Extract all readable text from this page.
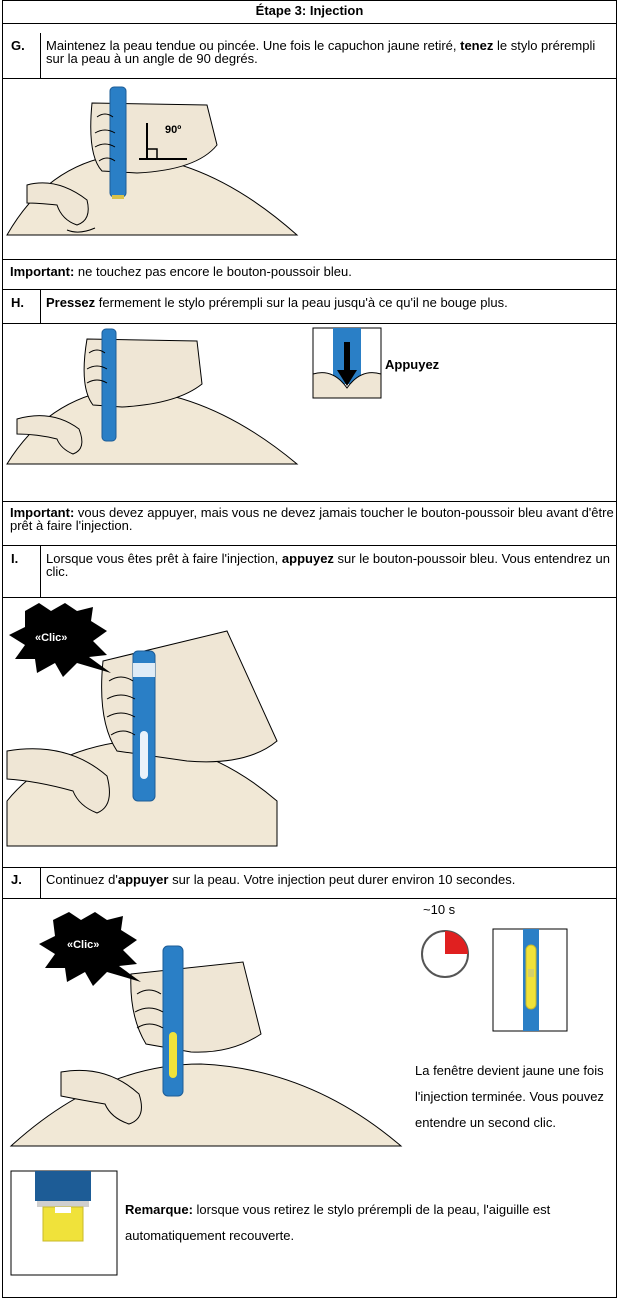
Étape 3: Injection
G. Maintenez la peau tendue ou pincée. Une fois le capuchon jaune retiré, tenez le stylo prérempli sur la peau à un angle de 90 degrés.
90º
Important: ne touchez pas encore le bouton-poussoir bleu.
H. Pressez fermement le stylo prérempli sur la peau jusqu'à ce qu'il ne bouge plus.
Appuyez
Important: vous devez appuyer, mais vous ne devez jamais toucher le bouton-poussoir bleu avant d'être prêt à faire l'injection.
I. Lorsque vous êtes prêt à faire l'injection, appuyez sur le bouton-poussoir bleu. Vous entendrez un clic.
«Clic»
J. Continuez d'appuyer sur la peau. Votre injection peut durer environ 10 secondes.
«Clic»
~10 s
La fenêtre devient jaune une fois l'injection terminée. Vous pouvez entendre un second clic.
Remarque: lorsque vous retirez le stylo prérempli de la peau, l'aiguille est automatiquement recouverte.
